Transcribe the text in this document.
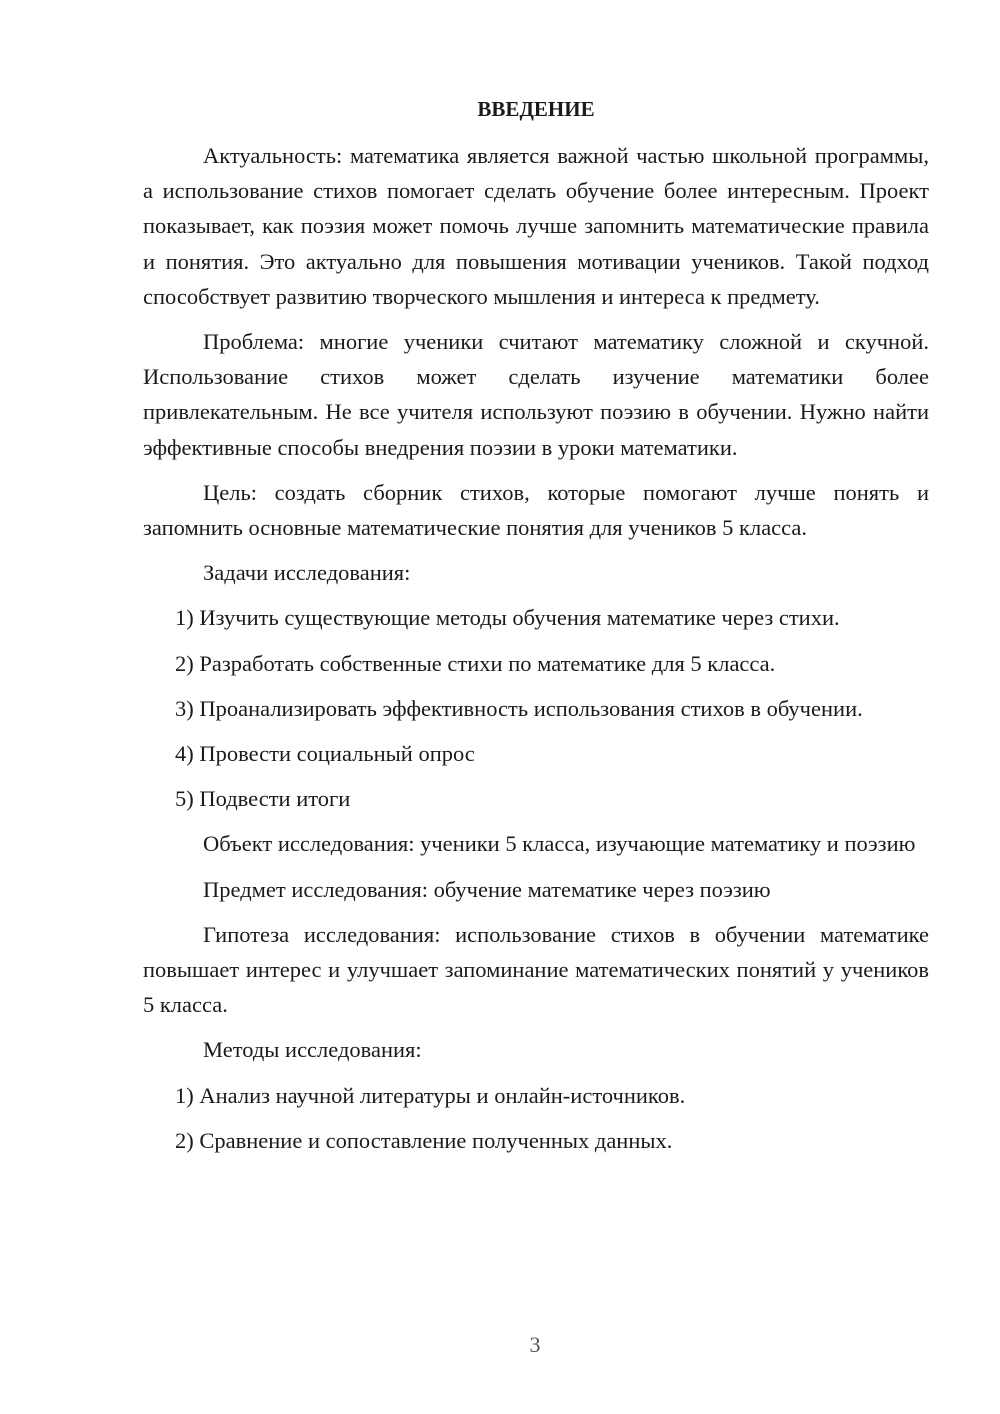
ВВЕДЕНИЕ

Актуальность: математика является важной частью школьной программы, а использование стихов помогает сделать обучение более интересным. Проект показывает, как поэзия может помочь лучше запомнить математические правила и понятия. Это актуально для повышения мотивации учеников. Такой подход способствует развитию творческого мышления и интереса к предмету.

Проблема: многие ученики считают математику сложной и скучной. Использование стихов может сделать изучение математики более привлекательным. Не все учителя используют поэзию в обучении. Нужно найти эффективные способы внедрения поэзии в уроки математики.

Цель: создать сборник стихов, которые помогают лучше понять и запомнить основные математические понятия для учеников 5 класса.

Задачи исследования:

1) Изучить существующие методы обучения математике через стихи.

2) Разработать собственные стихи по математике для 5 класса.

3) Проанализировать эффективность использования стихов в обучении.

4) Провести социальный опрос

5) Подвести итоги

Объект исследования: ученики 5 класса, изучающие математику и поэзию

Предмет исследования: обучение математике через поэзию

Гипотеза исследования: использование стихов в обучении математике повышает интерес и улучшает запоминание математических понятий у учеников 5 класса.

Методы исследования:

1) Анализ научной литературы и онлайн-источников.

2) Сравнение и сопоставление полученных данных.

3
